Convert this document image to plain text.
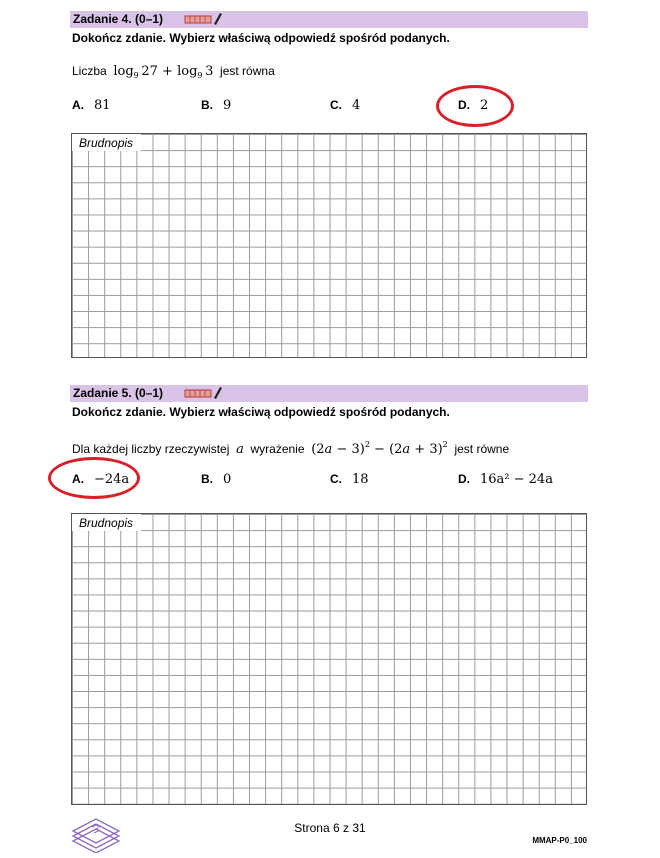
Zadanie 4. (0–1)
Dokończ zdanie. Wybierz właściwą odpowiedź spośród podanych.
Liczba $\log_9 27 + \log_9 3$ jest równa
A. 81	B. 9	C. 4	D. 2
Brudnopis
Zadanie 5. (0–1)
Dokończ zdanie. Wybierz właściwą odpowiedź spośród podanych.
Dla każdej liczby rzeczywistej a wyrażenie $(2a - 3)^2 - (2a + 3)^2$ jest równe
A. −24a	B. 0	C. 18	D. 16a² − 24a
Brudnopis
Strona 6 z 31
MMAP-P0_100
